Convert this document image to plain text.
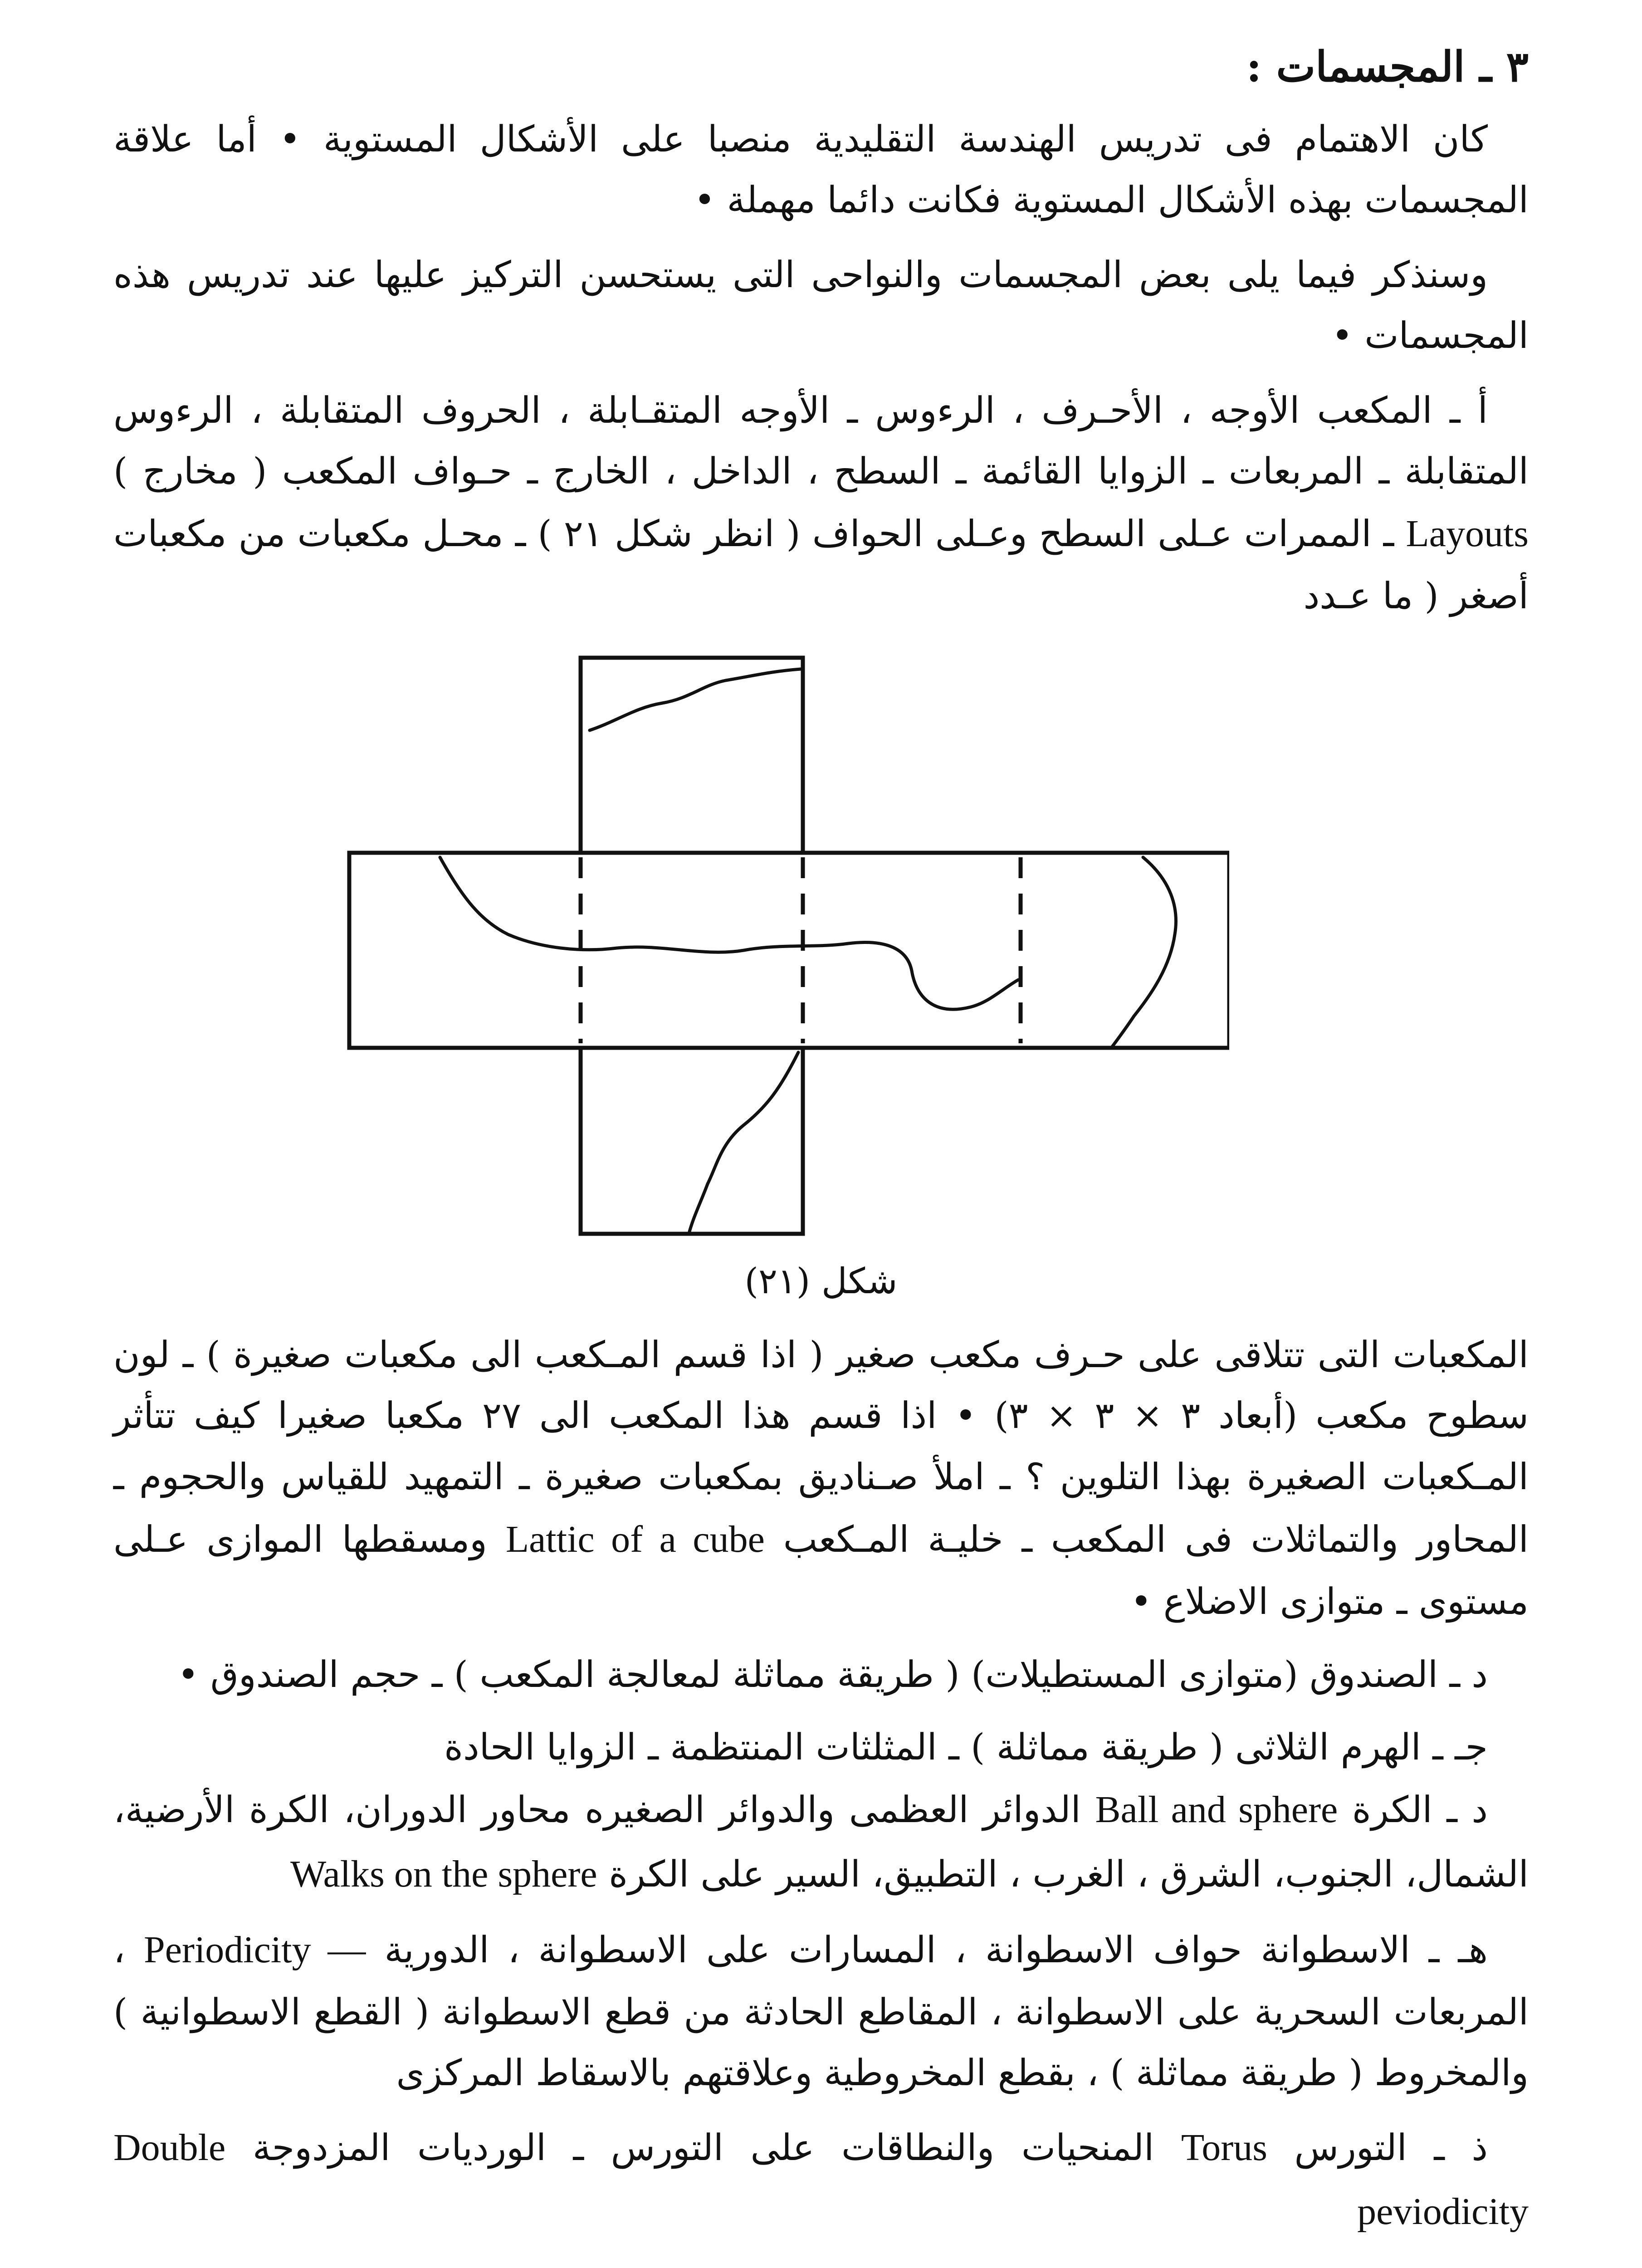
٣ ـ المجسمات :

كان الاهتمام فى تدريس الهندسة التقليدية منصبا على الأشكال المستوية • أما علاقة المجسمات بهذه الأشكال المستوية فكانت دائما مهملة •

وسنذكر فيما يلى بعض المجسمات والنواحى التى يستحسن التركيز عليها عند تدريس هذه المجسمات •

أ ـ المكعب الأوجه ، الأحـرف ، الرءوس ـ الأوجه المتقـابلة ، الحروف المتقابلة ، الرءوس المتقابلة ـ المربعات ـ الزوايا القائمة ـ السطح ، الداخل ، الخارج ـ حـواف المكعب ( مخارج ) Layouts ـ الممرات عـلى السطح وعـلى الحواف ( انظر شكل ٢١ ) ـ محـل مكعبات من مكعبات أصغر ( ما عـدد

شكل (٢١)

المكعبات التى تتلاقى على حـرف مكعب صغير ( اذا قسم المـكعب الى مكعبات صغيرة ) ـ لون سطوح مكعب (أبعاد ٣ × ٣ × ٣) • اذا قسم هذا المكعب الى ٢٧ مكعبا صغيرا كيف تتأثر المـكعبات الصغيرة بهذا التلوين ؟ ـ املأ صـناديق بمكعبات صغيرة ـ التمهيد للقياس والحجوم ـ المحاور والتماثلات فى المكعب ـ خليـة المـكعب Lattic of a cube ومسقطها الموازى عـلى مستوى ـ متوازى الاضلاع •

د ـ الصندوق (متوازى المستطيلات) ( طريقة مماثلة لمعالجة المكعب ) ـ حجم الصندوق •

جـ ـ الهرم الثلاثى ( طريقة مماثلة ) ـ المثلثات المنتظمة ـ الزوايا الحادة

د ـ الكرة Ball and sphere الدوائر العظمى والدوائر الصغيره محاور الدوران، الكرة الأرضية، الشمال، الجنوب، الشرق ، الغرب ، التطبيق، السير على الكرة Walks on the sphere

هـ ـ الاسطوانة حواف الاسطوانة ، المسارات على الاسطوانة ، الدورية Periodicity — ، المربعات السحرية على الاسطوانة ، المقاطع الحادثة من قطع الاسطوانة ( القطع الاسطوانية ) والمخروط ( طريقة مماثلة ) ، بقطع المخروطية وعلاقتهم بالاسقاط المركزى

ذ ـ التورس Torus المنحيات والنطاقات على التورس ـ الورديات المزدوجة Double peviodicity
